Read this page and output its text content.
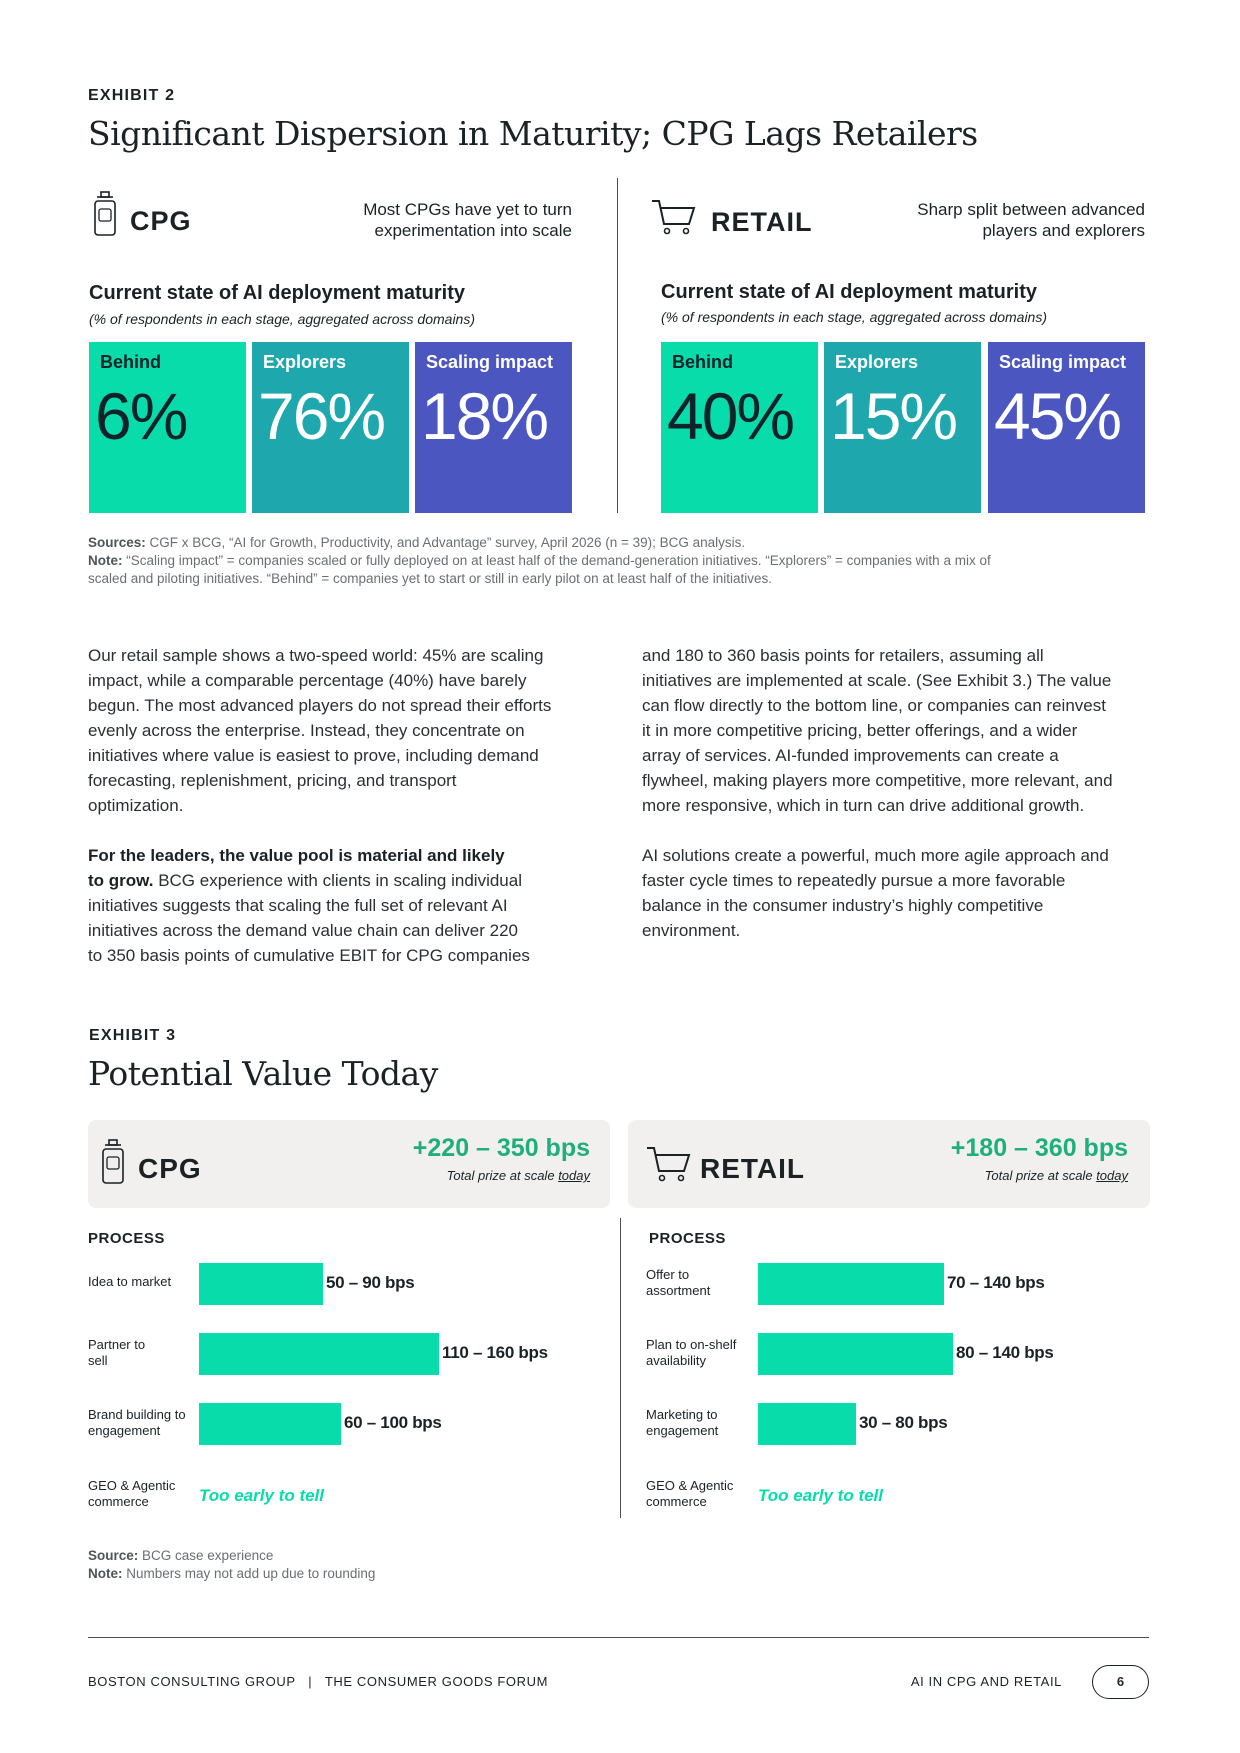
EXHIBIT 2
Significant Dispersion in Maturity; CPG Lags Retailers
CPG	Most CPGs have yet to turn
experimentation into scale	RETAIL	Sharp split between advanced
players and explorers
Current state of AI deployment maturity
(% of respondents in each stage, aggregated across domains)
Behind
6%
Explorers
76%
Scaling impact
18%
Current state of AI deployment maturity
(% of respondents in each stage, aggregated across domains)
Behind
40%
Explorers
15%
Scaling impact
45%
Sources: CGF x BCG, “AI for Growth, Productivity, and Advantage” survey, April 2026 (n = 39); BCG analysis.
Note: “Scaling impact” = companies scaled or fully deployed on at least half of the demand-generation initiatives. “Explorers” = companies with a mix of
scaled and piloting initiatives. “Behind” = companies yet to start or still in early pilot on at least half of the initiatives.
Our retail sample shows a two-speed world: 45% are scaling
impact, while a comparable percentage (40%) have barely
begun. The most advanced players do not spread their efforts
evenly across the enterprise. Instead, they concentrate on
initiatives where value is easiest to prove, including demand
forecasting, replenishment, pricing, and transport
optimization.
For the leaders, the value pool is material and likely
to grow. BCG experience with clients in scaling individual
initiatives suggests that scaling the full set of relevant AI
initiatives across the demand value chain can deliver 220
to 350 basis points of cumulative EBIT for CPG companies
and 180 to 360 basis points for retailers, assuming all
initiatives are implemented at scale. (See Exhibit 3.) The value
can flow directly to the bottom line, or companies can reinvest
it in more competitive pricing, better offerings, and a wider
array of services. AI-funded improvements can create a
flywheel, making players more competitive, more relevant, and
more responsive, which in turn can drive additional growth.
AI solutions create a powerful, much more agile approach and
faster cycle times to repeatedly pursue a more favorable
balance in the consumer industry’s highly competitive
environment.
EXHIBIT 3
Potential Value Today
CPG
+220 – 350 bps
Total prize at scale today	RETAIL
+180 – 360 bps
Total prize at scale today
PROCESS	PROCESS
Idea to market	50 – 90 bps
Partner to
sell	110 – 160 bps
Brand building to
engagement	60 – 100 bps
GEO & Agentic
commerce	Too early to tell
Offer to
assortment	70 – 140 bps
Plan to on-shelf
availability	80 – 140 bps
Marketing to
engagement	30 – 80 bps
GEO & Agentic
commerce	Too early to tell
Source: BCG case experience
Note: Numbers may not add up due to rounding
BOSTON CONSULTING GROUP | THE CONSUMER GOODS FORUM	AI IN CPG AND RETAIL	6
